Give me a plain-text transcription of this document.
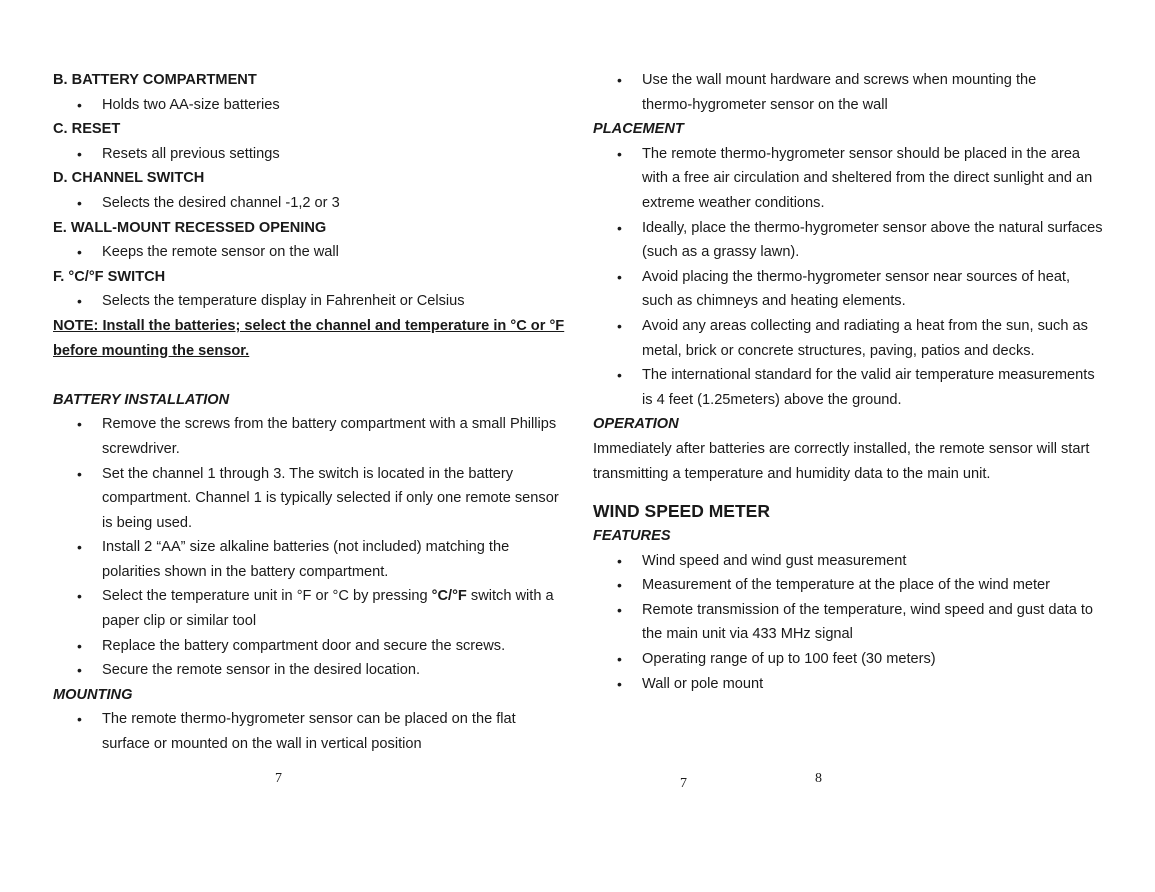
B. BATTERY COMPARTMENT
• Holds two AA-size batteries
C. RESET
• Resets all previous settings
D. CHANNEL SWITCH
• Selects the desired channel -1,2 or 3
E. WALL-MOUNT RECESSED OPENING
• Keeps the remote sensor on the wall
F. °C/°F SWITCH
• Selects the temperature display in Fahrenheit or Celsius
NOTE: Install the batteries; select the channel and temperature in °C or °F
before mounting the sensor.
BATTERY INSTALLATION
• Remove the screws from the battery compartment with a small Phillips
screwdriver.
• Set the channel 1 through 3. The switch is located in the battery
compartment. Channel 1 is typically selected if only one remote sensor
is being used.
• Install 2 “AA” size alkaline batteries (not included) matching the
polarities shown in the battery compartment.
• Select the temperature unit in °F or °C by pressing °C/°F switch with a
paper clip or similar tool
• Replace the battery compartment door and secure the screws.
• Secure the remote sensor in the desired location.
MOUNTING
• The remote thermo-hygrometer sensor can be placed on the flat
surface or mounted on the wall in vertical position
7
• Use the wall mount hardware and screws when mounting the
thermo-hygrometer sensor on the wall
PLACEMENT
• The remote thermo-hygrometer sensor should be placed in the area
with a free air circulation and sheltered from the direct sunlight and an
extreme weather conditions.
• Ideally, place the thermo-hygrometer sensor above the natural surfaces
(such as a grassy lawn).
• Avoid placing the thermo-hygrometer sensor near sources of heat,
such as chimneys and heating elements.
• Avoid any areas collecting and radiating a heat from the sun, such as
metal, brick or concrete structures, paving, patios and decks.
• The international standard for the valid air temperature measurements
is 4 feet (1.25meters) above the ground.
OPERATION
Immediately after batteries are correctly installed, the remote sensor will start
transmitting a temperature and humidity data to the main unit.
WIND SPEED METER
FEATURES
• Wind speed and wind gust measurement
• Measurement of the temperature at the place of the wind meter
• Remote transmission of the temperature, wind speed and gust data to
the main unit via 433 MHz signal
• Operating range of up to 100 feet (30 meters)
• Wall or pole mount
7	8
